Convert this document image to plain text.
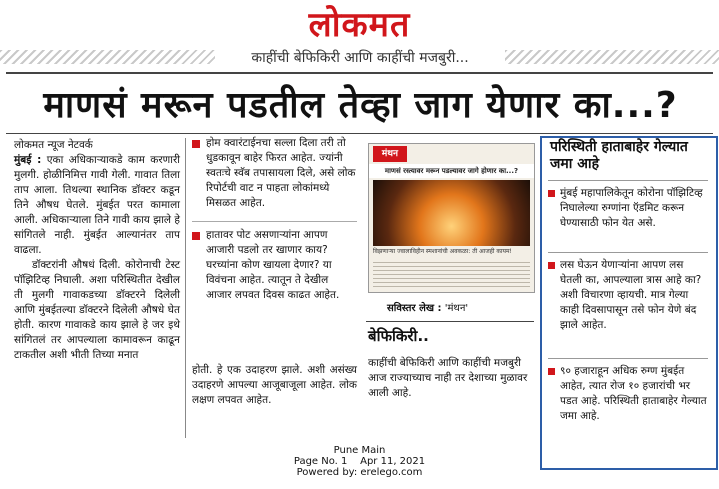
लोकमत
काहींची बेफिकिरी आणि काहींची मजबुरी...
माणसं मरून पडतील तेव्हा जाग येणार का...?

लोकमत न्यूज नेटवर्क

मुंबई : एका अधिकाऱ्याकडे काम करणारी मुलगी. होळीनिमित्त गावी गेली. गावात तिला ताप आला. तिथल्या स्थानिक डॉक्टर कडून तिने औषध घेतले. मुंबईत परत कामाला आली. अधिकाऱ्याला तिने गावी काय झाले हे सांगितले नाही. मुंबईत आल्यानंतर ताप वाढला.

डॉक्टरांनी औषधं दिली. कोरोनाची टेस्ट पॉझिटिव्ह निघाली. अशा परिस्थितीत देखील ती मुलगी गावाकडच्या डॉक्टरने दिलेली आणि मुंबईतल्या डॉक्टरने दिलेली औषधे घेत होती. कारण गावाकडे काय झाले हे जर इथे सांगितलं तर आपल्याला कामावरून काढून टाकतील अशी भीती तिच्या मनात

होम क्वारंटाईनचा सल्ला दिला तरी तो धुडकावून बाहेर फिरत आहेत. ज्यांनी स्वतःचे स्वॅब तपासायला दिले, असे लोक रिपोर्टची वाट न पाहता लोकांमध्ये मिसळत आहेत.
हातावर पोट असणाऱ्यांना आपण आजारी पडलो तर खाणार काय? घरच्यांना कोण खायला देणार? या विवंचना आहेत. त्यातून ते देखील आजार लपवत दिवस काढत आहेत.
होती. हे एक उदाहरण झाले. अशी असंख्य उदाहरणे आपल्या आजूबाजूला आहेत. लोक लक्षण लपवत आहेत.
मंथन
माणसं रस्त्यावर मरून पडल्यावर जागे होणार का...?
विझणाऱ्या ज्वालाविहीन स्मशानांची अवकळा: ती आजही कायम!
सविस्तर लेख : 'मंथन'
बेफिकिरी..
काहींची बेफिकिरी आणि काहींची मजबुरी आज राज्याच्याच नाही तर देशाच्या मुळावर आली आहे.
परिस्थिती हाताबाहेर गेल्यात जमा आहे
मुंबई महापालिकेतून कोरोना पॉझिटिव्ह निघालेल्या रुग्णांना ऍडमिट करून घेण्यासाठी फोन येत असे.
लस घेऊन येणाऱ्यांना आपण लस घेतली का, आपल्याला त्रास आहे का? अशी विचारणा व्हायची. मात्र गेल्या काही दिवसापासून तसे फोन येणे बंद झाले आहेत.
९० हजाराहून अधिक रुग्ण मुंबईत आहेत, त्यात रोज १० हजारांची भर पडत आहे. परिस्थिती हाताबाहेर गेल्यात जमा आहे.
Pune Main
Page No. 1 Apr 11, 2021
Powered by: erelego.com
